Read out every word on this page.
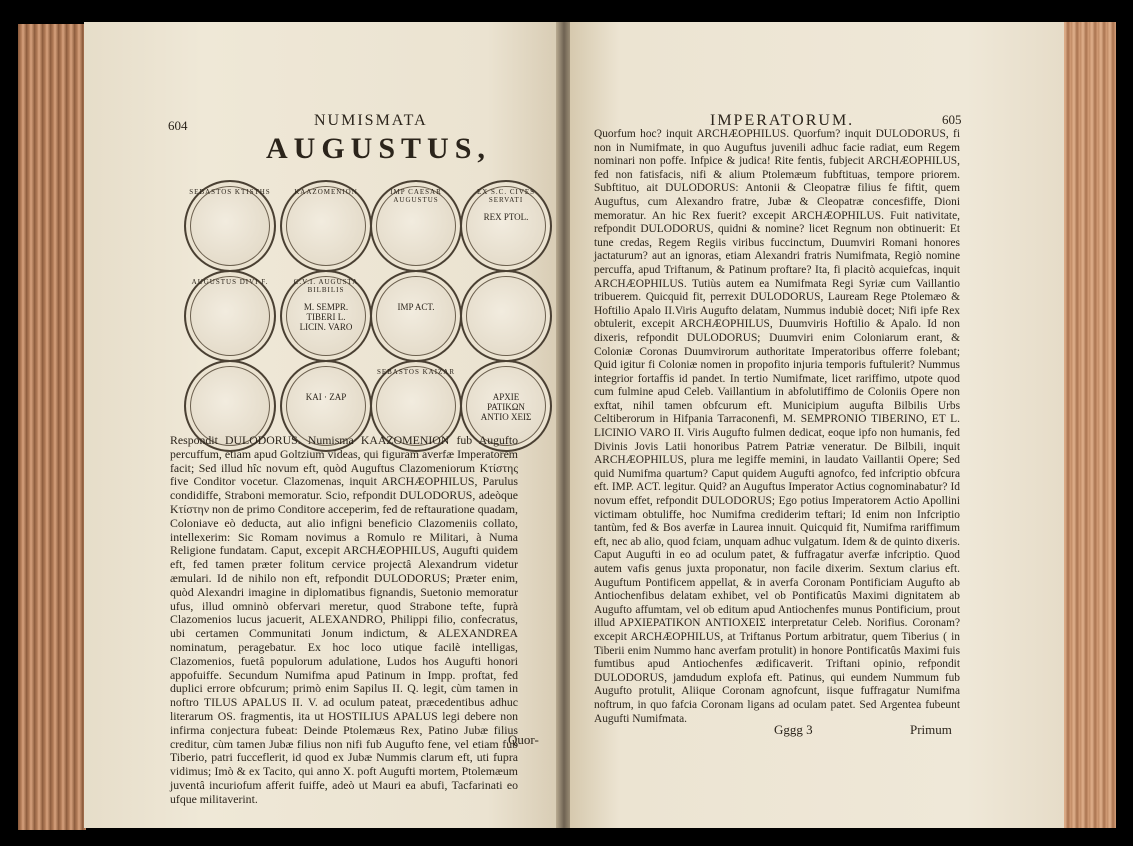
604	NUMISMATA
AUGUSTUS,
SEBASTOS KTISTHS	KAAZOMENION	IMP CAESAR AUGUSTUS
EX S.C. CIVES SERVATI
REX PTOL.
AUGUSTUS DIVI F.	C.V.I. AUGUSTA BILBILIS
M. SEMPR. TIBERI L. LICIN. VARO
IMP ACT.
KAI · ZAP
SEBASTOS KAIZAR
APXIE PATIKΩN ANTIO XEIΣ

Respondit DULODORUS. Numisma KAAZOMENION fub Augufto percuffum, etiam apud Goltzium videas, qui figuram averfæ Imperatorem facit; Sed illud hîc novum eft, quòd Auguftus Clazomeniorum Κτίστης five Conditor vocetur. Clazomenas, inquit ARCHÆOPHILUS, Parulus condidiffe, Straboni memoratur. Scio, refpondit DULODORUS, adeòque Κτίστην non de primo Conditore acceperim, fed de reftauratione quadam, Coloniave eò deducta, aut alio infigni beneficio Clazomeniis collato, intellexerim: Sic Romam novimus a Romulo re Militari, à Numa Religione fundatam. Caput, excepit ARCHÆOPHILUS, Augufti quidem eft, fed tamen præter folitum cervice projectâ Alexandrum videtur æmulari. Id de nihilo non eft, refpondit DULODORUS; Præter enim, quòd Alexandri imagine in diplomatibus fignandis, Suetonio memoratur ufus, illud omninò obfervari meretur, quod Strabone tefte, fuprà Clazomenios lucus jacuerit, ALEXANDRO, Philippi filio, confecratus, ubi certamen Communitati Jonum indictum, & ALEXANDREA nominatum, peragebatur. Ex hoc loco utique facilè intelligas, Clazomenios, fuetâ populorum adulatione, Ludos hos Augufti honori appofuiffe. Secundum Numifma apud Patinum in Impp. proftat, fed duplici errore obfcurum; primò enim Sapilus II. Q. legit, cùm tamen in noftro TILUS APALUS II. V. ad oculum pateat, præcedentibus adhuc literarum OS. fragmentis, ita ut HOSTILIUS APALUS legi debere non infirma conjectura fubeat: Deinde Ptolemæus Rex, Patino Jubæ filius creditur, cùm tamen Jubæ filius non nifi fub Augufto fene, vel etiam fub Tiberio, patri fucceflerit, id quod ex Jubæ Nummis clarum eft, uti fupra vidimus; Imò & ex Tacito, qui anno X. poft Augufti mortem, Ptolemæum juventâ incuriofum afferit fuiffe, adeò ut Mauri ea abufi, Tacfarinati eo ufque militaverint.

Quor-
IMPERATORUM.	605

Quorfum hoc? inquit ARCHÆOPHILUS. Quorfum? inquit DULODORUS, fi non in Numifmate, in quo Auguftus juvenili adhuc facie radiat, eum Regem nominari non poffe. Infpice & judica! Rite fentis, fubjecit ARCHÆOPHILUS, fed non fatisfacis, nifi & alium Ptolemæum fubftituas, tempore priorem. Subftituo, ait DULODORUS: Antonii & Cleopatræ filius fe fiftit, quem Auguftus, cum Alexandro fratre, Jubæ & Cleopatræ concesfiffe, Dioni memoratur. An hic Rex fuerit? excepit ARCHÆOPHILUS. Fuit nativitate, refpondit DULODORUS, quidni & nomine? licet Regnum non obtinuerit: Et tune credas, Regem Regiis viribus fuccinctum, Duumviri Romani honores jactaturum? aut an ignoras, etiam Alexandri fratris Numifmata, Regiò nomine percuffa, apud Triftanum, & Patinum proftare? Ita, fi placitò acquiefcas, inquit ARCHÆOPHILUS. Tutiùs autem ea Numifmata Regi Syriæ cum Vaillantio tribuerem. Quicquid fit, perrexit DULODORUS, Lauream Rege Ptolemæo & Hoftilio Apalo II.Viris Augufto delatam, Nummus indubiè docet; Nifi ipfe Rex obtulerit, excepit ARCHÆOPHILUS, Duumviris Hoftilio & Apalo. Id non dixeris, refpondit DULODORUS; Duumviri enim Coloniarum erant, & Coloniæ Coronas Duumvirorum authoritate Imperatoribus offerre folebant; Quid igitur fi Coloniæ nomen in propofito injuria temporis fuftulerit? Nummus integrior fortaffis id pandet. In tertio Numifmate, licet rariffimo, utpote quod cum fulmine apud Celeb. Vaillantium in abfolutiffimo de Coloniis Opere non exftat, nihil tamen obfcurum eft. Municipium augufta Bilbilis Urbs Celtiberorum in Hifpania Tarraconenfi, M. SEMPRONIO TIBERINO, ET L. LICINIO VARO II. Viris Augufto fulmen dedicat, eoque ipfo non humanis, fed Divinis Jovis Latii honoribus Patrem Patriæ veneratur. De Bilbili, inquit ARCHÆOPHILUS, plura me legiffe memini, in laudato Vaillantii Opere; Sed quid Numifma quartum? Caput quidem Augufti agnofco, fed infcriptio obfcura eft. IMP. ACT. legitur. Quid? an Auguftus Imperator Actius cognominabatur? Id novum effet, refpondit DULODORUS; Ego potius Imperatorem Actio Apollini victimam obtuliffe, hoc Numifma crediderim teftari; Id enim non Infcriptio tantùm, fed & Bos averfæ in Laurea innuit. Quicquid fit, Numifma rariffimum eft, nec ab alio, quod fciam, unquam adhuc vulgatum. Idem & de quinto dixeris. Caput Augufti in eo ad oculum patet, & fuffragatur averfæ infcriptio. Quod autem vafis genus juxta proponatur, non facile dixerim. Sextum clarius eft. Auguftum Pontificem appellat, & in averfa Coronam Pontificiam Augufto ab Antiochenfibus delatam exhibet, vel ob Pontificatûs Maximi dignitatem ab Augufto affumtam, vel ob editum apud Antiochenfes munus Pontificium, prout illud APXIEPATIKON ANTIOXEIΣ interpretatur Celeb. Norifius. Coronam? excepit ARCHÆOPHILUS, at Triftanus Portum arbitratur, quem Tiberius ( in Tiberii enim Nummo hanc averfam protulit) in honore Pontificatûs Maximi fuis fumtibus apud Antiochenfes ædificaverit. Triftani opinio, refpondit DULODORUS, jamdudum explofa eft. Patinus, qui eundem Nummum fub Augufto protulit, Aliique Coronam agnofcunt, iisque fuffragatur Numifma noftrum, in quo fafcia Coronam ligans ad oculam patet. Sed Argentea fubeunt Augufti Numifmata.

Gggg 3	Primum
